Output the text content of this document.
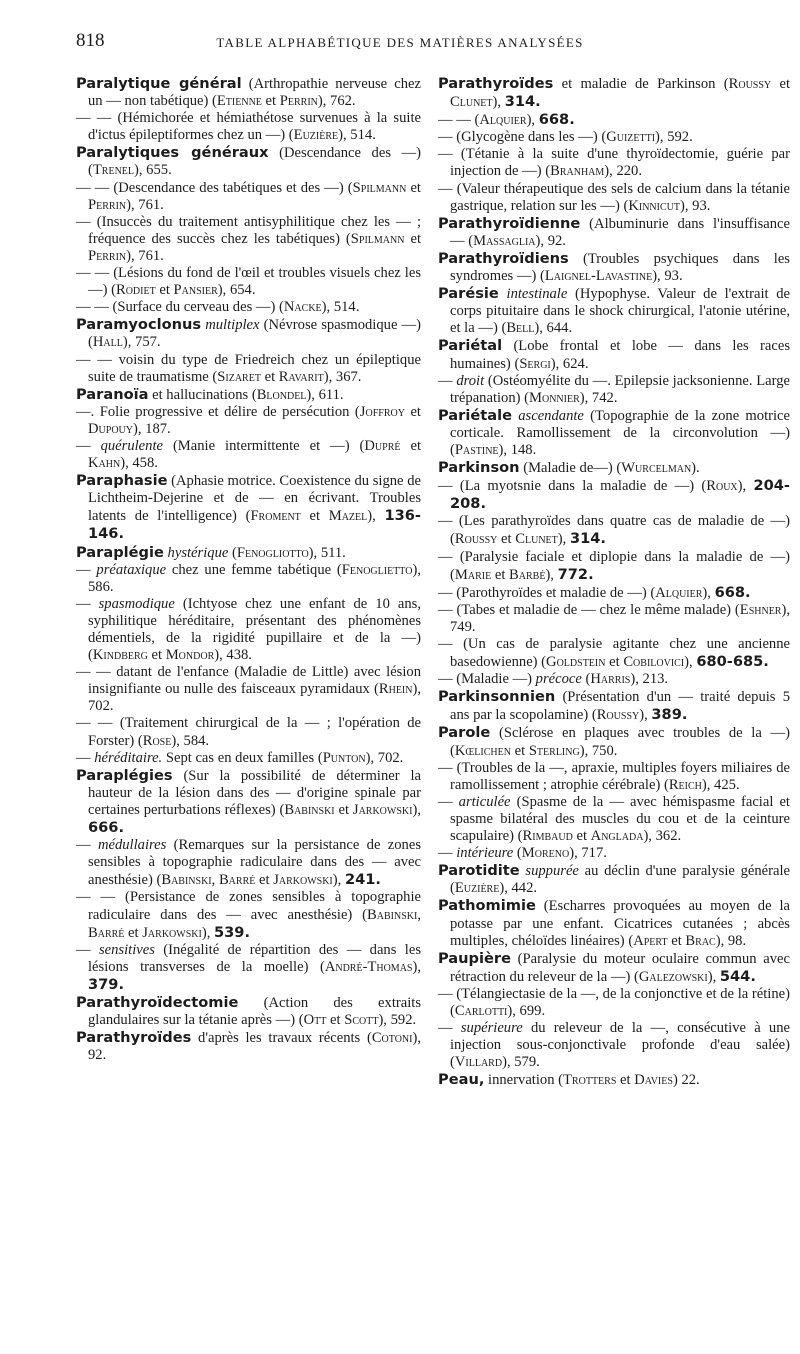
818	TABLE ALPHABÉTIQUE DES MATIÈRES ANALYSÉES

Paralytique général (Arthropathie nerveuse chez un — non tabétique) (Etienne et Perrin), 762.

— — (Hémichorée et hémiathétose survenues à la suite d'ictus épileptiformes chez un —) (Euzière), 514.

Paralytiques généraux (Descendance des —) (Trenel), 655.

— — (Descendance des tabétiques et des —) (Spilmann et Perrin), 761.

— (Insuccès du traitement antisyphilitique chez les — ; fréquence des succès chez les tabétiques) (Spilmann et Perrin), 761.

— — (Lésions du fond de l'œil et troubles visuels chez les —) (Rodiet et Pansier), 654.

— — (Surface du cerveau des —) (Nacke), 514.

Paramyoclonus multiplex (Névrose spasmodique —) (Hall), 757.

— — voisin du type de Friedreich chez un épileptique suite de traumatisme (Sizaret et Ravarit), 367.

Paranoïa et hallucinations (Blondel), 611.

—. Folie progressive et délire de persécution (Joffroy et Dupouy), 187.

— quérulente (Manie intermittente et —) (Dupré et Kahn), 458.

Paraphasie (Aphasie motrice. Coexistence du signe de Lichtheim-Dejerine et de — en écrivant. Troubles latents de l'intelligence) (Froment et Mazel), 136-146.

Paraplégie hystérique (Fenogliotto), 511.

— préataxique chez une femme tabétique (Fenoglietto), 586.

— spasmodique (Ichtyose chez une enfant de 10 ans, syphilitique héréditaire, présentant des phénomènes démentiels, de la rigidité pupillaire et de la —) (Kindberg et Mondor), 438.

— — datant de l'enfance (Maladie de Little) avec lésion insignifiante ou nulle des faisceaux pyramidaux (Rhein), 702.

— — (Traitement chirurgical de la — ; l'opération de Forster) (Rose), 584.

— héréditaire. Sept cas en deux familles (Punton), 702.

Paraplégies (Sur la possibilité de déterminer la hauteur de la lésion dans des — d'origine spinale par certaines perturbations réflexes) (Babinski et Jarkowski), 666.

— médullaires (Remarques sur la persistance de zones sensibles à topographie radiculaire dans des — avec anesthésie) (Babinski, Barré et Jarkowski), 241.

— — (Persistance de zones sensibles à topographie radiculaire dans des — avec anesthésie) (Babinski, Barré et Jarkowski), 539.

— sensitives (Inégalité de répartition des — dans les lésions transverses de la moelle) (André-Thomas), 379.

Parathyroïdectomie (Action des extraits glandulaires sur la tétanie après —) (Ott et Scott), 592.

Parathyroïdes d'après les travaux récents (Cotoni), 92.

Parathyroïdes et maladie de Parkinson (Roussy et Clunet), 314.

— — (Alquier), 668.

— (Glycogène dans les —) (Guizetti), 592.

— (Tétanie à la suite d'une thyroïdectomie, guérie par injection de —) (Branham), 220.

— (Valeur thérapeutique des sels de calcium dans la tétanie gastrique, relation sur les —) (Kinnicut), 93.

Parathyroïdienne (Albuminurie dans l'insuffisance — (Massaglia), 92.

Parathyroïdiens (Troubles psychiques dans les syndromes —) (Laignel-Lavastine), 93.

Parésie intestinale (Hypophyse. Valeur de l'extrait de corps pituitaire dans le shock chirurgical, l'atonie utérine, et la —) (Bell), 644.

Pariétal (Lobe frontal et lobe — dans les races humaines) (Sergi), 624.

— droit (Ostéomyélite du —. Epilepsie jacksonienne. Large trépanation) (Monnier), 742.

Pariétale ascendante (Topographie de la zone motrice corticale. Ramollissement de la circonvolution —) (Pastine), 148.

Parkinson (Maladie de—) (Wurcelman).

— (La myotsnie dans la maladie de —) (Roux), 204-208.

— (Les parathyroïdes dans quatre cas de maladie de —) (Roussy et Clunet), 314.

— (Paralysie faciale et diplopie dans la maladie de —) (Marie et Barbé), 772.

— (Parothyroïdes et maladie de —) (Alquier), 668.

— (Tabes et maladie de — chez le même malade) (Eshner), 749.

— (Un cas de paralysie agitante chez une ancienne basedowienne) (Goldstein et Cobilovici), 680-685.

— (Maladie —) précoce (Harris), 213.

Parkinsonnien (Présentation d'un — traité depuis 5 ans par la scopolamine) (Roussy), 389.

Parole (Sclérose en plaques avec troubles de la —) (Kœlichen et Sterling), 750.

— (Troubles de la —, apraxie, multiples foyers miliaires de ramollissement ; atrophie cérébrale) (Reich), 425.

— articulée (Spasme de la — avec hémispasme facial et spasme bilatéral des muscles du cou et de la ceinture scapulaire) (Rimbaud et Anglada), 362.

— intérieure (Moreno), 717.

Parotidite suppurée au déclin d'une paralysie générale (Euzière), 442.

Pathomimie (Escharres provoquées au moyen de la potasse par une enfant. Cicatrices cutanées ; abcès multiples, chéloïdes linéaires) (Apert et Brac), 98.

Paupière (Paralysie du moteur oculaire commun avec rétraction du releveur de la —) (Galezowski), 544.

— (Télangiectasie de la —, de la conjonctive et de la rétine) (Carlotti), 699.

— supérieure du releveur de la —, consécutive à une injection sous-conjonctivale profonde d'eau salée) (Villard), 579.

Peau, innervation (Trotters et Davies) 22.
